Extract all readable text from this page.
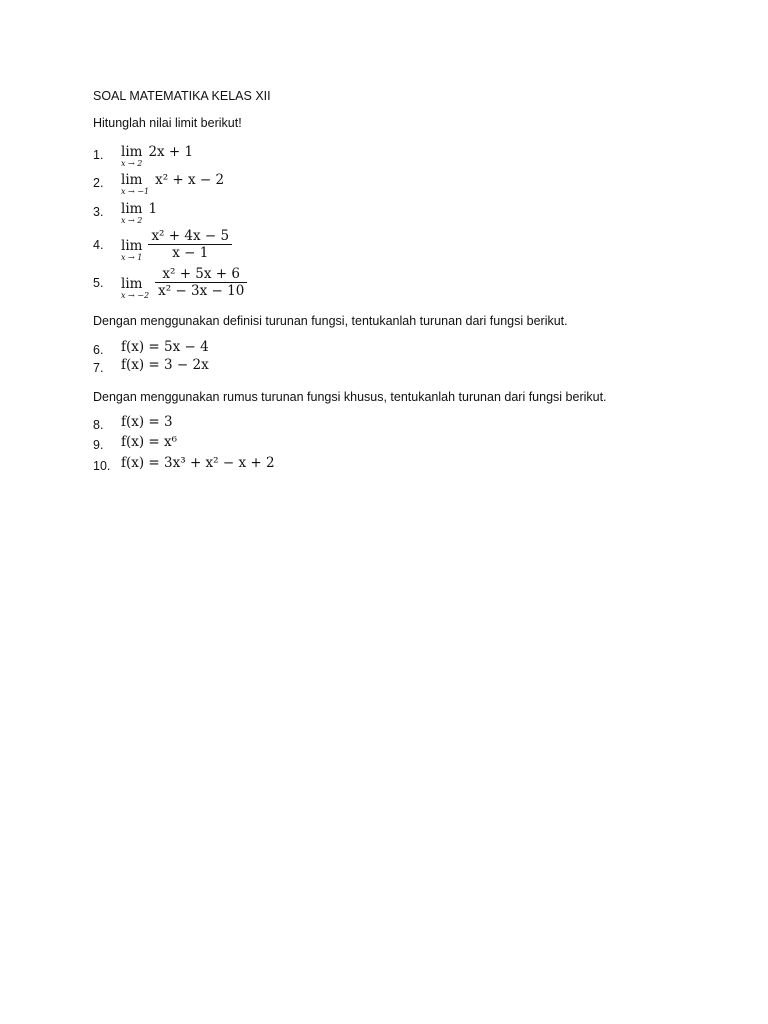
SOAL MATEMATIKA KELAS XII
Hitunglah nilai limit berikut!
1.	lim
x → 2
2x + 1
2.	lim
x → −1
x² + x − 2
3.	lim
x → 2
1
4.	lim
$x \to 1 \frac{\text{x² + 4x − 5}}{x - 1}$
5.	lim
$x \to -2 \frac{\text{x² + 5x + 6}}{\text{x² − 3x − 10}}$
Dengan menggunakan definisi turunan fungsi, tentukanlah turunan dari fungsi berikut.
6.	f(x) = 5x − 4
7.	f(x) = 3 − 2x
Dengan menggunakan rumus turunan fungsi khusus, tentukanlah turunan dari fungsi berikut.
8.	f(x) = 3
9.	f(x) = x⁶
10. f(x) = 3x³ + x² − x + 2
